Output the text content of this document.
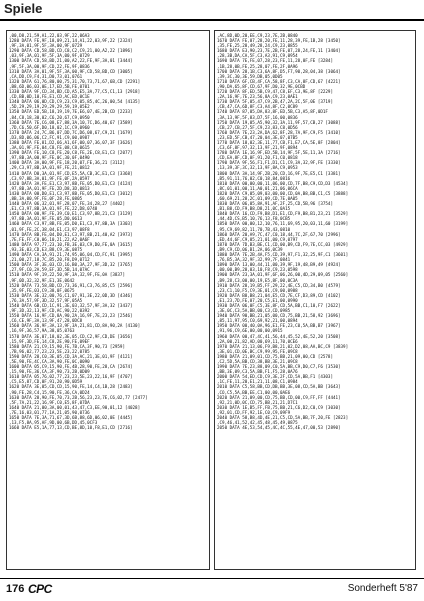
Spiele
,00,D8,21,59,A1,22,03,9F,22,06A3
1280 DATA FE,9F,18,09,21,14,A1,22,03,9F,22 [2324]
,9F,3A,01,9F,5F,3A,00,9F,0729
1290 DATA CD,58,BD,CD,C8,C2,C9,21,00,A2,22 [1896]
,03,9F,3A,01,9F,5F,3A,00,9F,0729
1300 DATA CD,58,BD,21,00,A2,22,FE,9F,3A,01 [3444]
,9F,5F,3A,00,9F,CD,22,FE,9F,0836
1310 DATA 3A,01,9F,5F,3A,00,9F,CD,58,BD,CD [3005]
,CA,DD,C9,F4,31,D0,73,01,0761
1320 DATA 61,76,80,00,75,31,70,73,71,67,6B,CD [2291]
,B8,6D,06,03,0E,17,ED,5B,FE,0701
1330 DATA 9F,CD,34,BD,CD,A5,E5,3A,77,C5,C1,13 [2918]
,CD,BB,0D,10,FE,E1,CD,AC,ED,0C1E
1340 DATA 06,0D,CD,C9,23,C9,05,85,4C,26,00,54 [4135]
,5D,29,29,19,29,29,29,59,19,05E2
1350 DATA ED,5B,18,19,19,7E,E6,07,4E,2B,CD [2233]
,84,C8,18,30,02,C6,20,67,C9,0950
1360 DATA 7E,C6,08,E7,88,3A,10,7C,D6,40,67 [3589]
,7D,C6,50,6F,D0,18,02,1C,C9,0960
1370 DATA 24,7C,B6,07,DD,7C,D6,08,67,C9,21 [1679]
,D3,8D,06,06,C2,FC,91,C9,00,0987
1380 DATA FE,81,D2,66,A1,6F,00,07,36,07,3F [3626]
,3A,01,9F,FE,04,C8,FE,08,C8,0615
1390 DATA FE,10,C8,FE,20,C8,FE,2E,C8,E1,C3 [2077]
,97,8B,3A,00,9F,FE,0C,30,0F,0490
1400 DATA 3A,00,9F,FE,18,20,07,FE,36,21 [3112]
,29,C3,97,8B,3A,01,9F,FE,21,0812
1410 DATA D0,3A,01,9F,CD,E5,5A,CB,3C,E1,C3 [3368]
,C3,97,8B,3A,01,9F,FE,0F,2A,0597
1420 DATA 3A,FE,E1,C3,97,8B,FE,05,D0,E1,C3 [4124]
,97,8B,3A,01,9F,FE,2D,D8,3D,0813
1430 DATA 00,D0,E1,C3,97,8B,FE,05,D0,E1,C3 [3012]
,8B,3A,00,9F,FE,0F,28,FE,0805
1440 DATA 06,32,01,9F,28,07,FE,34,28,27 [4402]
,E1,C3,97,8B,3A,01,9F,FE,22,D8,0748
1450 DATA 00,9F,FE,39,C0,E1,C3,97,8B,21,C3 [3129]
,97,8B,3A,01,9F,FE,05,D0,0613
1460 DATA C3,97,8B,FE,05,D0,E1,C3,97,8B,3A [3303]
,01,9F,FE,2C,38,04,E1,C3,97,08F8
1470 DATA 8B,FE,04,D0,E1,C3,97,8B,21,40,A2 [3973]
,7E,FE,FF,C0,06,10,21,22,A2,0A6F
1480 DATA 97,77,23,10,FB,3E,03,C9,D0,FE,0A [3615]
,93,3E,03,CD,E3,B8,C9,3E,0875
1490 DATA CA,3A,91,21,74,95,06,04,CD,FC,91 [3995]
,21,00,27,18,7C,B5,20,F8,D9,0712
1500 DATA 3F,3E,03,CD,16,B0,3A,27,9F,3D,32 [3765]
,27,9F,C0,2A,59,EF,3D,5B,14,07AC
1510 DATA 9F,19,22,50,9F,3A,32,9F,FE,0A [3837]
,9F,0D,32,32,9F,E1,3E,0642
1520 DATA 73,58,BD,CD,73,36,91,C3,76,85,C5 [2596]
,35,9F,FE,03,C9,38,0F,0675
1530 DATA 3E,32,00,76,C1,07,91,3E,22,0D,3D [4346]
,76,3A,57,9F,3D,32,57,9F,05A5
1540 DATA 6B,CD,1C,91,3E,03,32,57,9F,3A,32 [3437]
,9F,3D,32,13,9F,CD,AC,90,22,0392
1550 DATA 16,9F,CD,8A,90,2A,16,9F,7E,23,23 [2546]
,C6,CE,9F,3A,13,9F,47,28,0DC8
1560 DATA 36,9F,3A,13,9F,3A,21,81,CD,8A,90,2A [4130]
,16,9F,36,57,9A,38,05,0763
1570 DATA 3E,07,18,02,3E,05,CD,C2,9F,CD,DE [3656]
,15,9F,3D,FE,14,C8,2E,90,FE,09EF
1580 DATA 21,C9,15,90,FE,7B,CA,3F,90,73 [2959]
,7B,96,02,77,23,23,5E,23,22,0785
1590 DATA 28,C0,3E,05,CD,3A,AC,21,3E,01,9F [4121]
,5E,90,FE,4C,CA,3A,90,FE,0C,0090
1600 DATA 05,C9,15,90,FE,4B,28,90,FE,28,CA [2674]
,15,90,FE,36,CA,3F,90,73,2B,0D09
1610 DATA 05,76,02,77,23,23,5E,23,22,16,9F [4707]
,C5,E5,87,CD,0F,91,20,90,0D59
1620 DATA 3E,05,CD,CD,15,90,FE,14,C4,1B,28 [2483]
,90,FE,28,C4,15,90,FE,36,CA,0D24
1630 DATA 28,90,FE,70,73,2B,56,23,23,7E,C6,02,77 [2477]
,5F,7A,21,22,16,9F,C0,E5,8F,07DA
1640 DATA 21,00,3A,00,01,43,47,C3,EE,90,01,12 [4028]
,7E,16,03,01,77,1A,21,05,90,0736
1650 DATA 7E,3A,71,67,3D,6B,88,6D,06,02,0E [4445]
,13,F5,8A,95,AF,9D,00,6B,DD,45,0CF3
1660 DATA E5,1A,77,13,CD,BE,8D,10,F8,E1,CD [2716]
,AC,8D,0D,20,EE,C9,23,7E,2B,0840
1670 DATA FE,07,28,20,FE,11,28,39,FE,1B,28 [3450]
,35,FE,25,28,49,28,24,C9,23,0855
1680 DATA E3,90,23,7E,2B,FE,07,28,24,FE,11 [3404]
,28,3B,DA,CA,5F,C3,A3,91,C9,0954
1690 DATA 7E,FE,07,28,23,FE,11,28,0F,FE [3284]
,1B,28,0B,FE,25,28,07,FE,2F,0A96
1700 DATA 28,1B,C3,6A,8F,D5,F7,90,28,04,38 [3064]
,39,3C,30,3E,59,DB,05,0D05
1710 DATA 6F,CB,4F,CA,58,8F,C3,CA,8F,CD,67 [4221]
,90,DA,65,8F,CD,67,9F,D0,32,9E,0CBD
1720 DATA 8F,ED,5B,C9,47,C8,EF,C3,9E,8F [2229]
,2A,16,9F,7E,23,56,8A,C9,23,0AE1
1730 DATA 5F,05,47,C9,2B,47,2A,2C,5F,0E [3719]
,CB,47,CA,6D,8F,C3,A4,8F,C2,0C89
1740 DATA 87,05,DA,83,8F,ED,5B,C3,A5,8F,0D1F
,3A,13,9F,5F,83,D7,5F,16,00,0836
1750 DATA 19,05,A5,90,32,3A,11,9F,57,CB,27 [3088]
,CB,27,CB,27,5F,C9,23,83,C8,0D56
1760 DATA 7E,23,2A,DA,62,8F,28,7A,9F,C9,F5 [3410]
,23,ED,5F,CB,47,20,04,3E,07,07B5
1770 DATA 18,02,3E,11,77,CB,F1,E7,CA,5E,8F [2804]
,C3,6F,8F,97,32,13,9F,21,9F,0894
1780 DATA 1E,16,9F,ED,5B,14,9F,5F,5E,11,3A [2716]
,CD,EA,8F,CD,0F,91,20,F1,C0,0818
1790 DATA 9F,56,F1,F1,D1,C1,C9,3A,32,9F,FE [3330]
,13,39,3F,3C,32,13,9F,8A,C9,0953
1800 DATA 3A,14,9F,2B,20,CD,16,9F,7E,E5,C1 [3381]
,B5,91,11,76,02,C0,18,84,0816
1810 DATA 00,00,00,11,06,00,CD,7F,B8,C9,CD,D3 [4534]
,8C,01,01,00,11,A0,01,21,06,06CA
1820 DATA C9,05,09,03,00,00,CD,0A,B8,BB,C1,C5 [3888]
,60,69,21,28,2C,01,09,CD,7E,0A05
1830 DATA 06,05,8A,91,AF,2F,25,CD,5B,96 [3754]
,B1,B8,CD,F9,B8,D8,21,0C,0A15
1840 DATA 16,CD,F9,B8,D1,E1,CD,F9,B8,B1,23,21 [3529]
,44,4D,CS,B5,10,76,13,F8,0CB5
1850 DATA 00,00,12,10,76,11,69,95,20,03,11,60 [3199]
,95,C9,69,82,11,70,7B,43,0810
1860 DATA 20,A9,7C,47,C0,18,44,7C,2F,67,70 [2996]
,ED,44,6F,C9,05,21,01,00,C9,0797
1870 DATA 7D,B3,BE,C1,CD,00,B9,CD,F9,7E,CC,03 [4929]
,B9,C9,CD,06,B1,2A,06,0C39
1880 DATA 7E,2B,4A,F5,CD,39,97,F1,32,25,9F,C1 [3601]
,76,B5,3A,32,9F,32,99,7F,0841
1890 DATA 13,00,44,11,00,39,9F,19,48,B9,49 [4924]
,00,00,B9,28,03,10,F8,C9,23,0598
1900 DATA 23,3A,01,9F,6F,06,26,00,4D,29,09,05 [2560]
,B9,28,C3,00,00,19,E5,8F,00,0C3A
1910 DATA 28,19,B5,FF,29,22,4E,C5,CD,34,B0 [4579]
,23,C1,10,F5,C9,3E,01,C9,00,0988
1920 DATA B8,B8,21,04,E5,CD,7E,CF,D3,89,CD [4102]
,E1,23,7D,FE,07,20,C5,E1,00,0990
1930 DATA 06,0F,C5,3E,8F,CD,5A,BB,C1,10,F7 [2622]
,3E,0C,C3,5A,BB,00,C3,CD,0985
1940 DATA 90,BB,21,05,00,CD,75,BB,21,58,92 [3696]
,85,11,97,95,C0,69,92,21,00,0894
1950 DATA 00,40,0A,96,E1,FE,23,C0,5A,BB,B7 [3967]
,91,96,C9,6E,00,00,00,0915
1960 DATA 00,47,4C,41,56,44,45,52,4E,52,20 [3508]
,2A,00,21,82,AD,00,69,11,70,0CE6
1970 DATA 21,13,06,F9,B8,21,02,D2,08,AA,BC,C9 [3839]
,3E,01,CD,0E,BC,C9,99,95,FE,09C8
1980 DATA 21,09,01,CD,75,BB,21,09,00,CD [2578]
,C2,5D,5A,BB,CD,38,BB,3E,21,09C8
1990 DATA 7E,23,88,09,C0,5A,BB,C9,D0,C7,F6 [3530]
,BB,3E,09,C3,5A,BB,F1,F5,28,0A76
2000 DATA 54,ED,CD,C9,3E,2F,CD,5A,BB,F1 [4303]
,1C,FE,11,20,E1,21,11,08,C1,0984
2010 DATA C5,58,BB,CD,DB,BB,3E,08,CD,5A,BB [3643]
,CO,C5,5A,BB,EE,C1,00,00,0AE6
2020 DATA 21,09,00,CD,75,BB,CD,00,C9,FF,FF [4441]
,92,21,0D,0C,CD,75,BB,21,21,D7C1
2030 DATA 1E,B5,FF,FB,75,BB,21,C6,D2,C0,C9 [3030]
,92,01,CD,FF,92,1E,C0,C9,09F9
2040 DATA 58,B8,4D,4E,21,C5,CD,5A,BB,7F,20,FE [2823]
,C9,46,41,52,42,45,48,45,49,0875
2050 DATA 4E,53,54,45,4C,4C,55,4E,47,00,53 [2890]
176 CPC	Sonderheft 5'87
